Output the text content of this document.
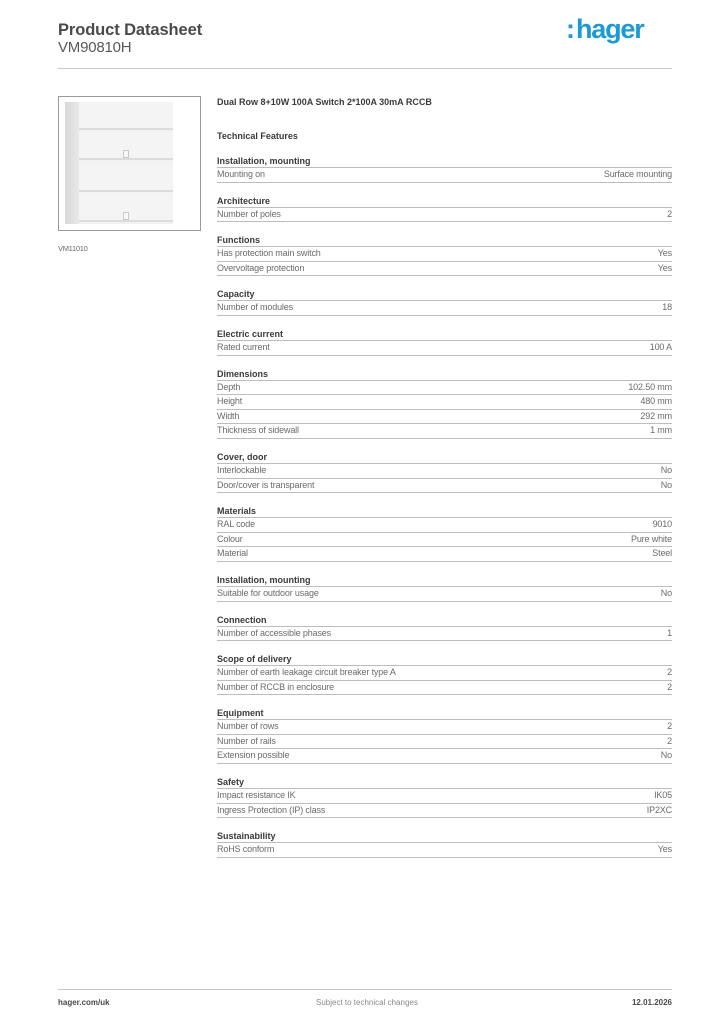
Product Datasheet
VM90810H
:hager
VM11010
Dual Row 8+10W 100A Switch 2*100A 30mA RCCB
Technical Features
Installation, mounting
Mounting on	Surface mounting
Architecture
Number of poles	2
Functions
Has protection main switch	Yes
Overvoltage protection	Yes
Capacity
Number of modules	18
Electric current
Rated current	100 A
Dimensions
Depth	102.50 mm
Height	480 mm
Width	292 mm
Thickness of sidewall	1 mm
Cover, door
Interlockable	No
Door/cover is transparent	No
Materials
RAL code	9010
Colour	Pure white
Material	Steel
Installation, mounting
Suitable for outdoor usage	No
Connection
Number of accessible phases	1
Scope of delivery
Number of earth leakage circuit breaker type A	2
Number of RCCB in enclosure	2
Equipment
Number of rows	2
Number of rails	2
Extension possible	No
Safety
Impact resistance IK	IK05
Ingress Protection (IP) class	IP2XC
Sustainability
RoHS conform	Yes
hager.com/uk	Subject to technical changes	12.01.2026
